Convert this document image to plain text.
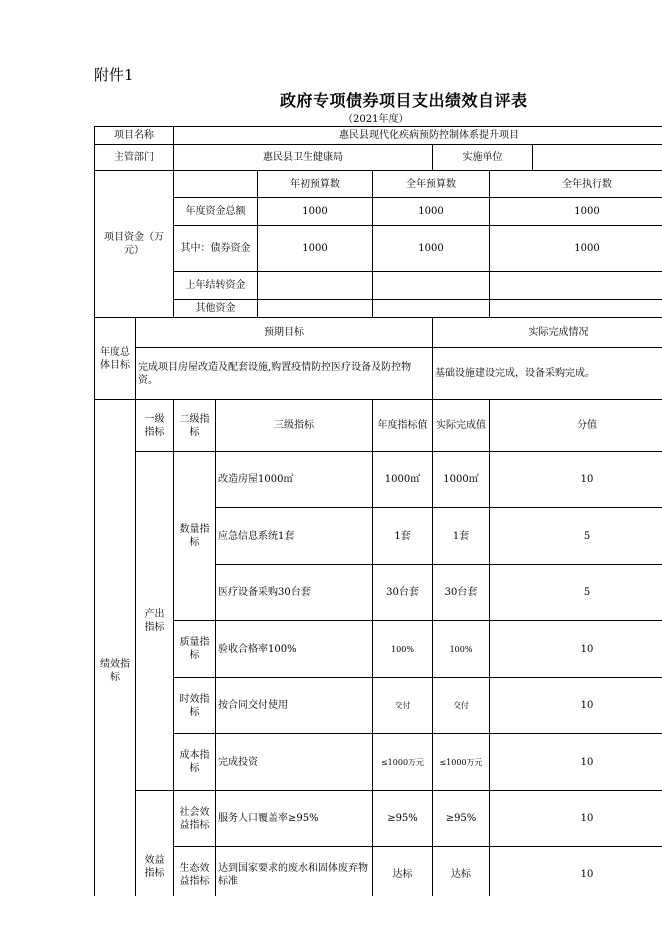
附件1
政府专项债券项目支出绩效自评表
（2021年度）
项目名称		惠民县现代化疾病预防控制体系提升项目							
主管部门		惠民县卫生健康局				实施单位			
项目资金（万元）				年初预算数	全年预算数		全年执行数	
		年度资金总额		1000	1000		1000	
		其中：债券资金		1000	1000		1000	
		上年结转资金				
		其他资金				
年度总体目标	预期目标					实际完成情况			
	完成项目房屋改造及配套设施,购置疫情防控医疗设备及防控物资。					基础设施建设完成，设备采购完成。			
绩效指标	一级指标	二级指标	三级指标		年度指标值	实际完成值	分值		
	产出指标	数量指标	改造房屋1000㎡		1000㎡	1000㎡	10		
			应急信息系统1套		1套	1套	5		
			医疗设备采购30台套		30台套	30台套	5		
		质量指标	验收合格率100%		100%	100%	10		
		时效指标	按合同交付使用		交付	交付	10		
		成本指标	完成投资		≤1000万元	≤1000万元	10		
	效益指标	社会效益指标	服务人口覆盖率≥95%		≥95%	≥95%	10		
		生态效益指标	达到国家要求的废水和固体废弃物标准		达标	达标	10		
